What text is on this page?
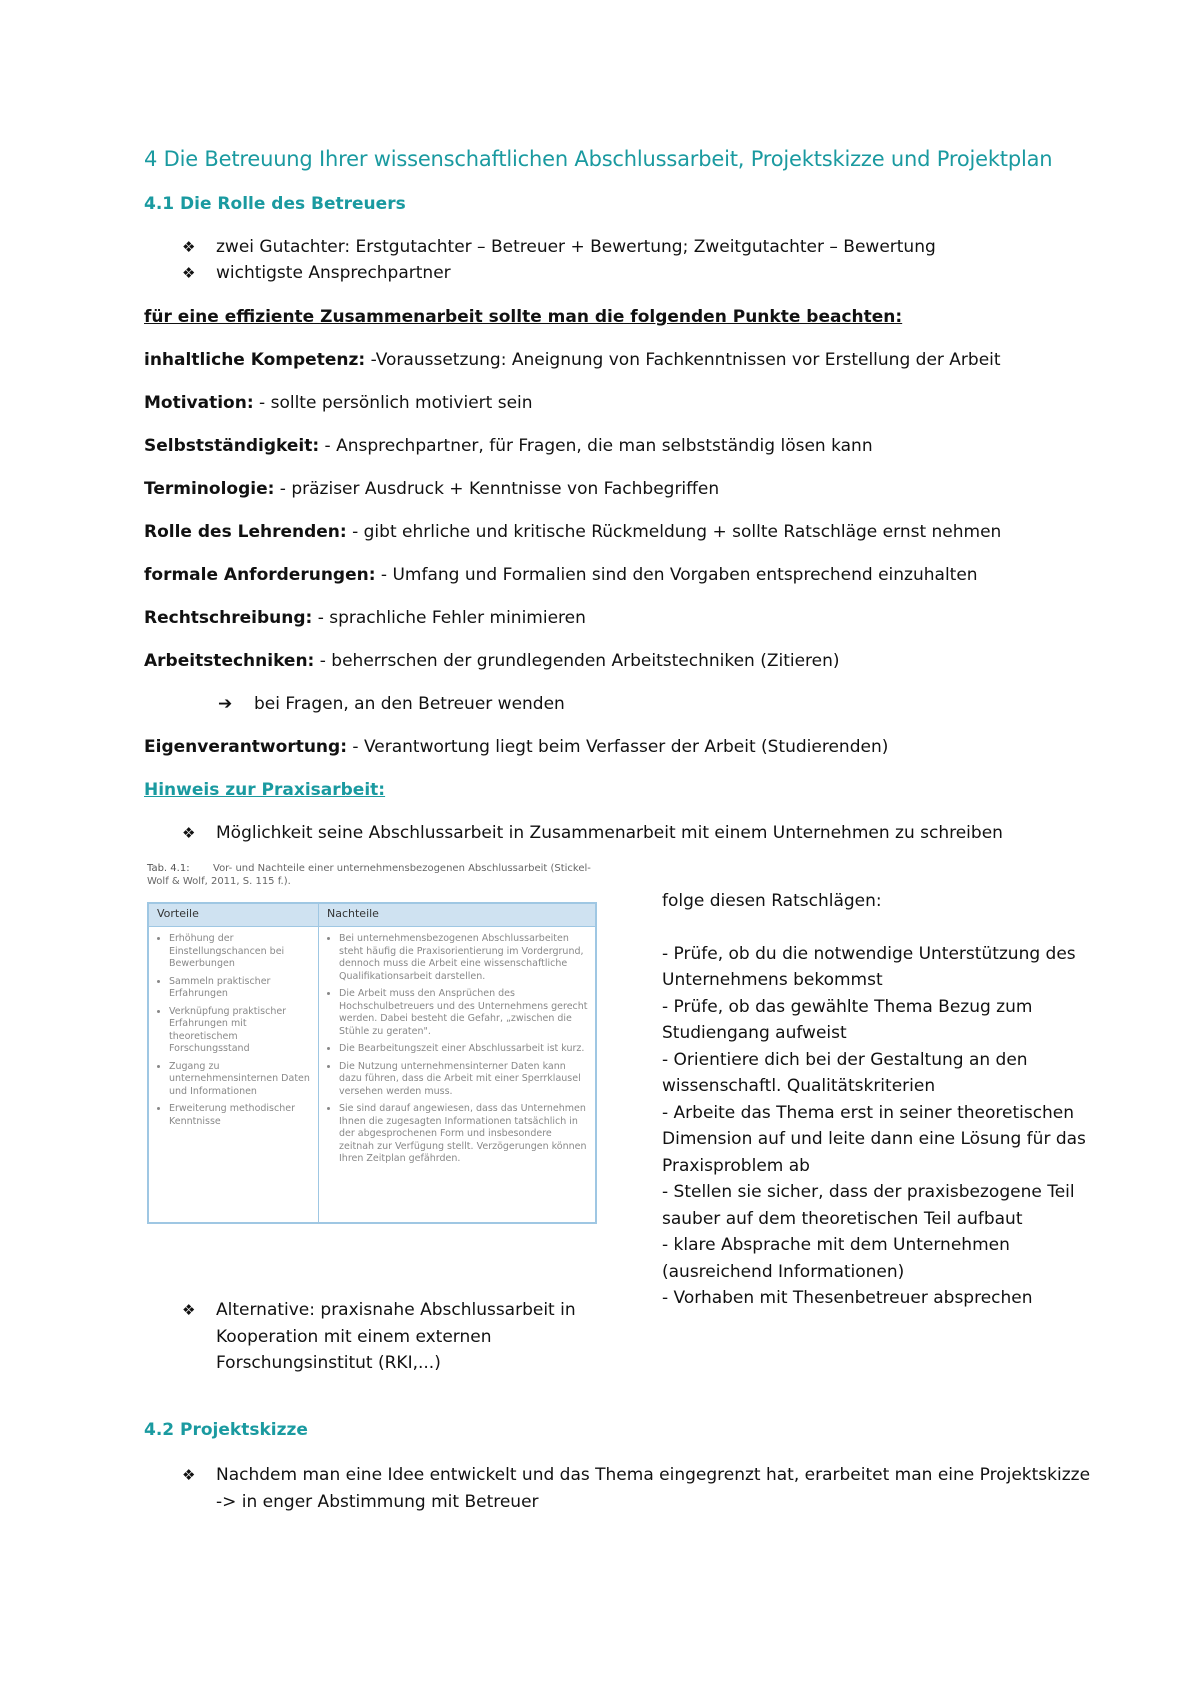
4 Die Betreuung Ihrer wissenschaftlichen Abschlussarbeit, Projektskizze und Projektplan
4.1 Die Rolle des Betreuers
❖ zwei Gutachter: Erstgutachter – Betreuer + Bewertung; Zweitgutachter – Bewertung
❖ wichtigste Ansprechpartner
für eine effiziente Zusammenarbeit sollte man die folgenden Punkte beachten:
inhaltliche Kompetenz: -Voraussetzung: Aneignung von Fachkenntnissen vor Erstellung der Arbeit
Motivation: - sollte persönlich motiviert sein
Selbstständigkeit: - Ansprechpartner, für Fragen, die man selbstständig lösen kann
Terminologie: - präziser Ausdruck + Kenntnisse von Fachbegriffen
Rolle des Lehrenden: - gibt ehrliche und kritische Rückmeldung + sollte Ratschläge ernst nehmen
formale Anforderungen: - Umfang und Formalien sind den Vorgaben entsprechend einzuhalten
Rechtschreibung: - sprachliche Fehler minimieren
Arbeitstechniken: - beherrschen der grundlegenden Arbeitstechniken (Zitieren)
➔ bei Fragen, an den Betreuer wenden
Eigenverantwortung: - Verantwortung liegt beim Verfasser der Arbeit (Studierenden)
Hinweis zur Praxisarbeit:
❖ Möglichkeit seine Abschlussarbeit in Zusammenarbeit mit einem Unternehmen zu schreiben
Tab. 4.1: Vor- und Nachteile einer unternehmensbezogenen Abschlussarbeit (Stickel-Wolf & Wolf, 2011, S. 115 f.).
Vorteile	Nachteile
• Erhöhung der Einstellungschancen bei Bewerbungen
• Sammeln praktischer Erfahrungen
• Verknüpfung praktischer Erfahrungen mit theoretischem Forschungsstand
• Zugang zu unternehmensinternen Daten und Informationen
• Erweiterung methodischer Kenntnisse
• Bei unternehmensbezogenen Abschlussarbeiten steht häufig die Praxisorientierung im Vordergrund, dennoch muss die Arbeit eine wissenschaftliche Qualifikationsarbeit darstellen.
• Die Arbeit muss den Ansprüchen des Hochschulbetreuers und des Unternehmens gerecht werden. Dabei besteht die Gefahr, „zwischen die Stühle zu geraten".
• Die Bearbeitungszeit einer Abschlussarbeit ist kurz.
• Die Nutzung unternehmensinterner Daten kann dazu führen, dass die Arbeit mit einer Sperrklausel versehen werden muss.
• Sie sind darauf angewiesen, dass das Unternehmen Ihnen die zugesagten Informationen tatsächlich in der abgesprochenen Form und insbesondere zeitnah zur Verfügung stellt. Verzögerungen können Ihren Zeitplan gefährden.
folge diesen Ratschlägen:
- Prüfe, ob du die notwendige Unterstützung des
Unternehmens bekommst
- Prüfe, ob das gewählte Thema Bezug zum
Studiengang aufweist
- Orientiere dich bei der Gestaltung an den
wissenschaftl. Qualitätskriterien
- Arbeite das Thema erst in seiner theoretischen
Dimension auf und leite dann eine Lösung für das
Praxisproblem ab
- Stellen sie sicher, dass der praxisbezogene Teil
sauber auf dem theoretischen Teil aufbaut
- klare Absprache mit dem Unternehmen
(ausreichend Informationen)
- Vorhaben mit Thesenbetreuer absprechen
❖ Alternative: praxisnahe Abschlussarbeit in
Kooperation mit einem externen
Forschungsinstitut (RKI,...)
4.2 Projektskizze
❖ Nachdem man eine Idee entwickelt und das Thema eingegrenzt hat, erarbeitet man eine Projektskizze
-> in enger Abstimmung mit Betreuer
